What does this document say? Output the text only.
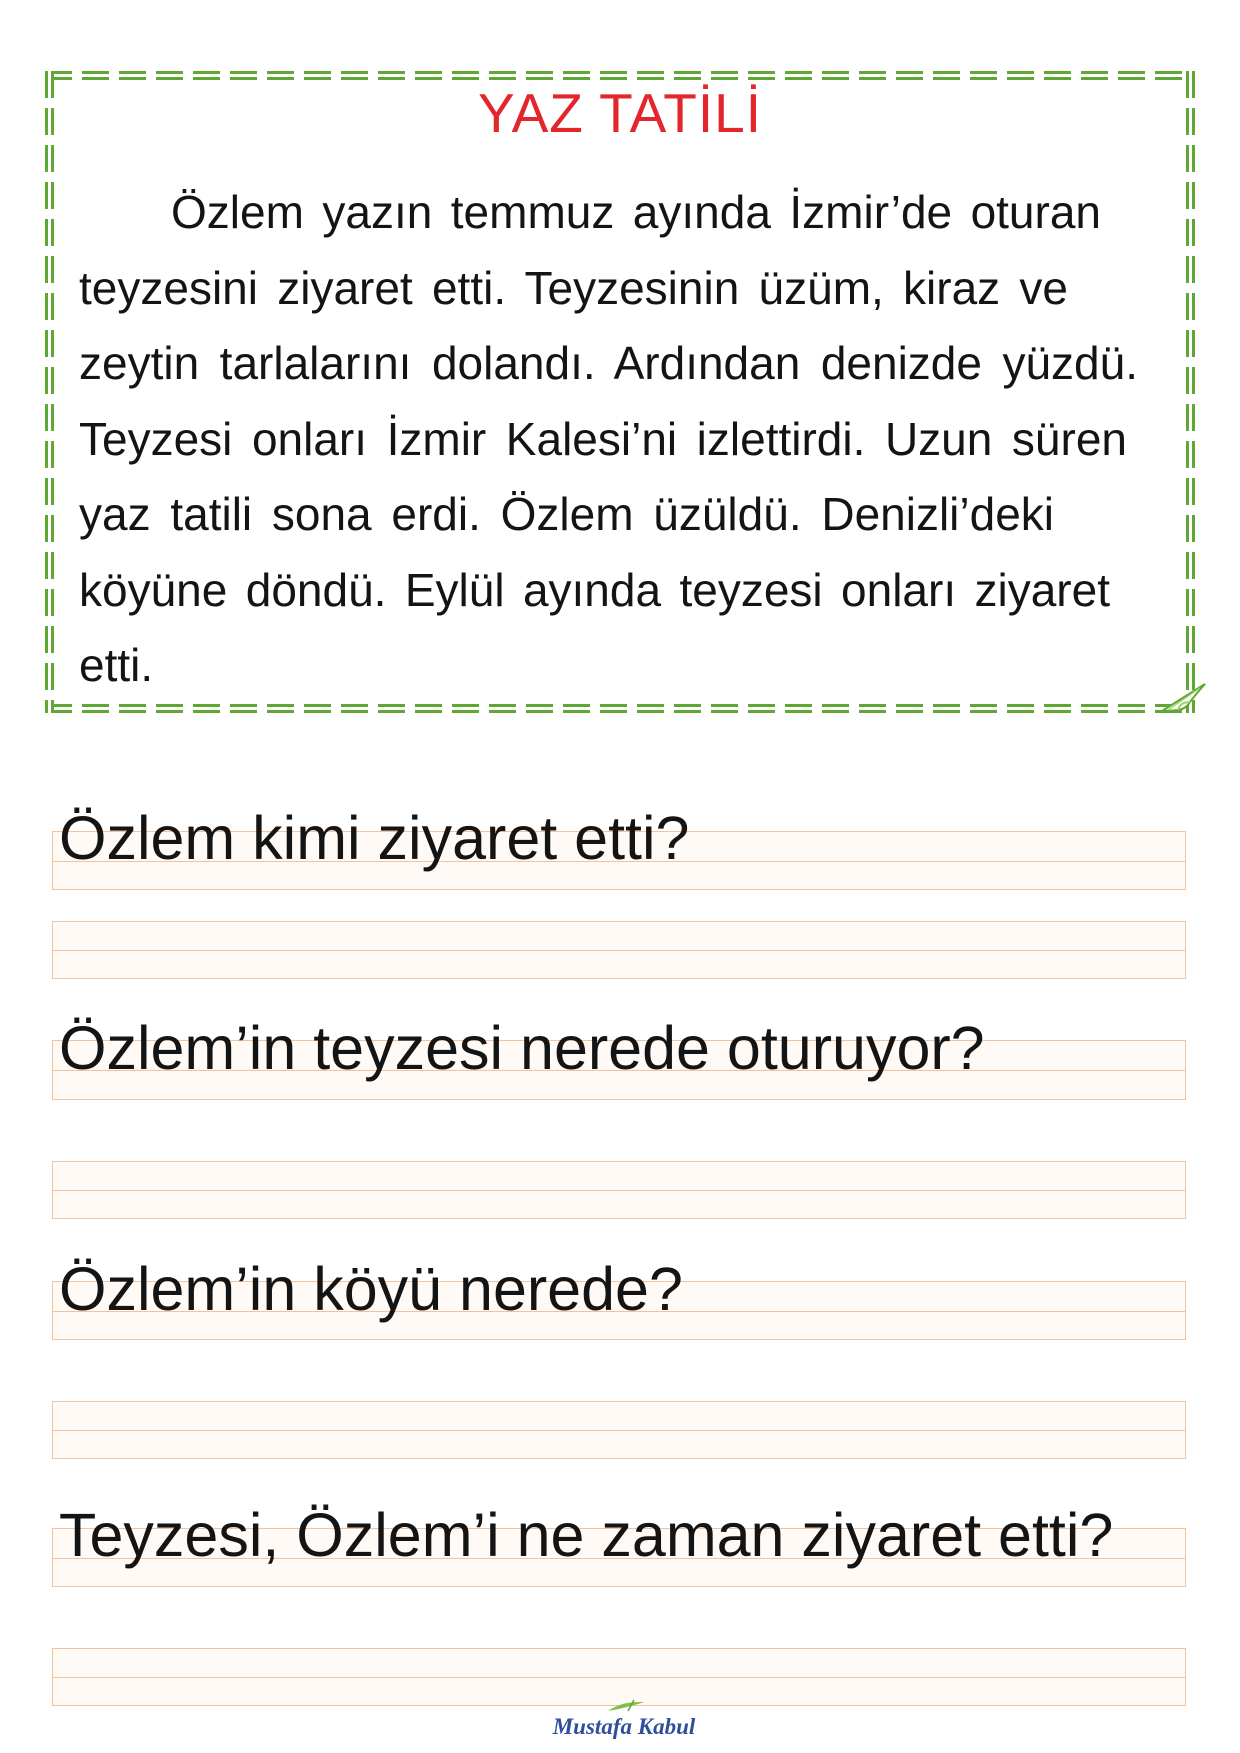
YAZ TATİLİ
Özlem yazın temmuz ayında İzmir’de oturan
teyzesini ziyaret etti. Teyzesinin üzüm, kiraz ve
zeytin tarlalarını dolandı. Ardından denizde yüzdü.
Teyzesi onları İzmir Kalesi’ni izlettirdi. Uzun süren
yaz tatili sona erdi. Özlem üzüldü. Denizli’deki
köyüne döndü. Eylül ayında teyzesi onları ziyaret
etti.
Özlem kimi ziyaret etti?
Özlem’in teyzesi nerede oturuyor?
Özlem’in köyü nerede?
Teyzesi, Özlem’i ne zaman ziyaret etti?
Mustafa Kabul
